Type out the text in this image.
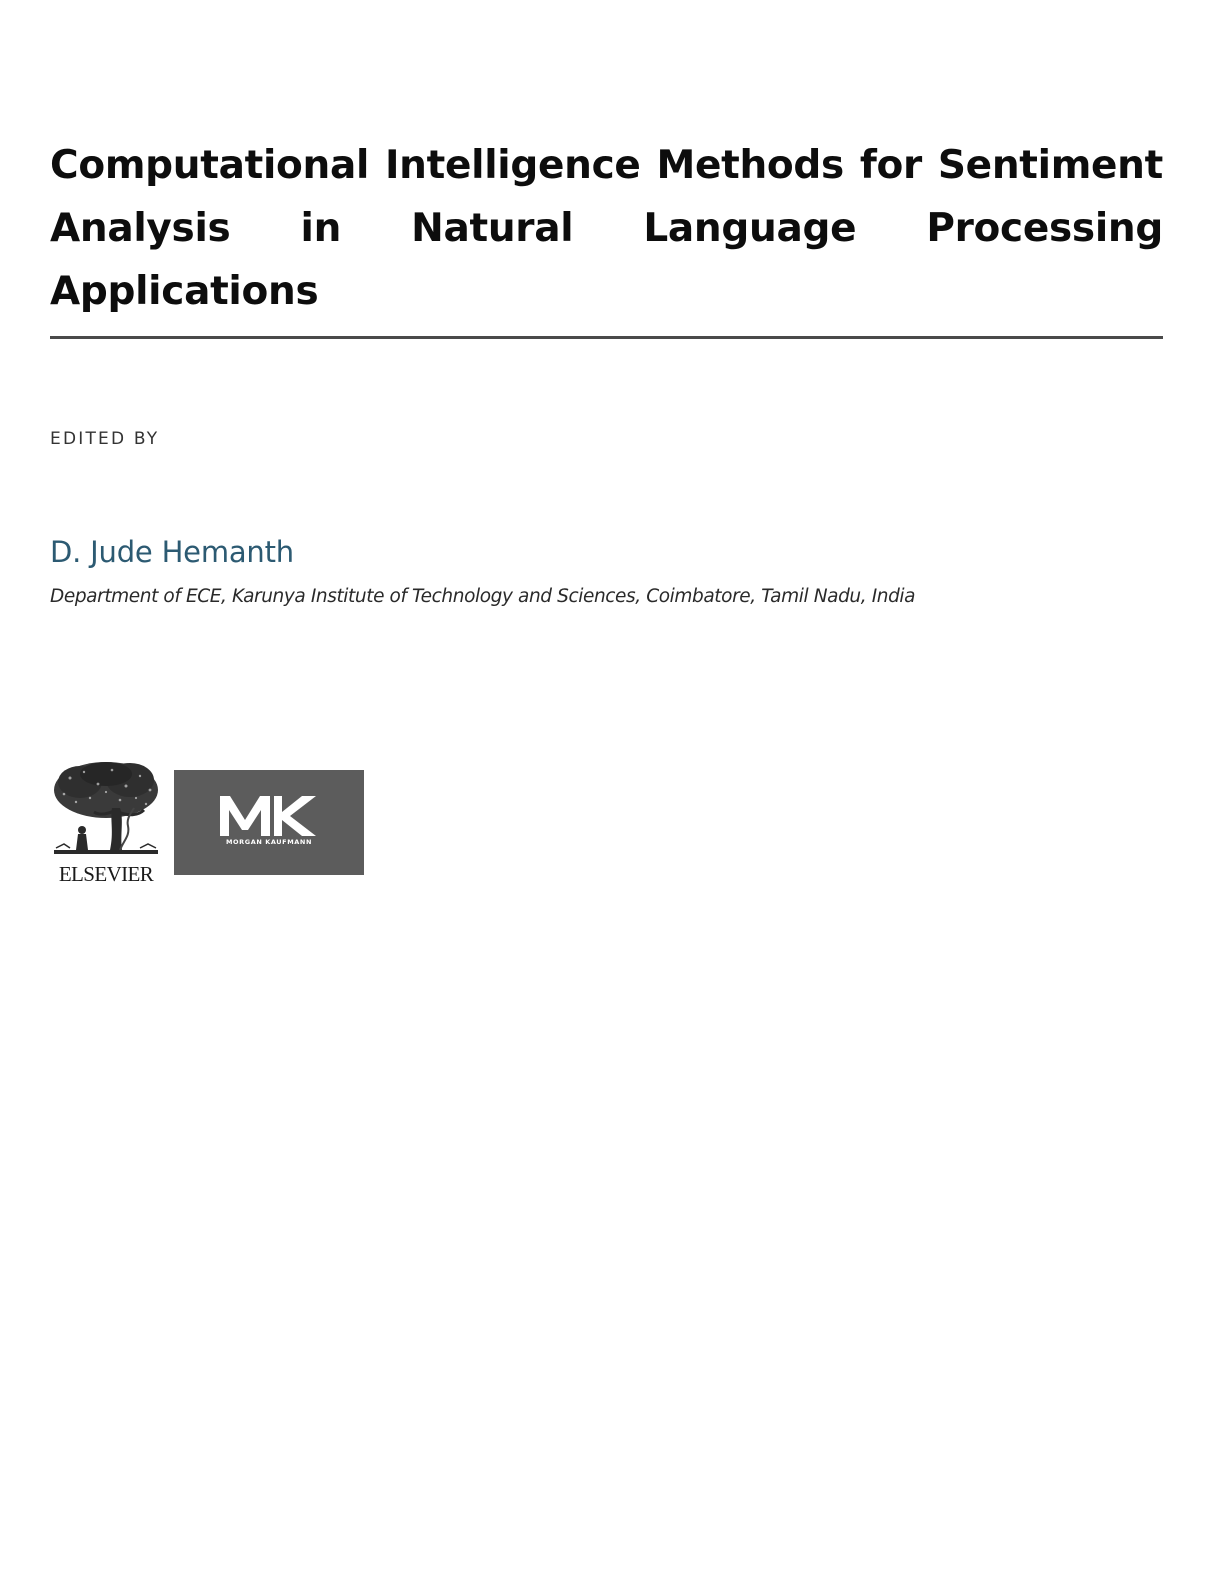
Computational Intelligence Methods for Sentiment Analysis in Natural Language Processing Applications
EDITED BY
D. Jude Hemanth
Department of ECE, Karunya Institute of Technology and Sciences, Coimbatore, Tamil Nadu, India
ELSEVIER
MORGAN KAUFMANN
